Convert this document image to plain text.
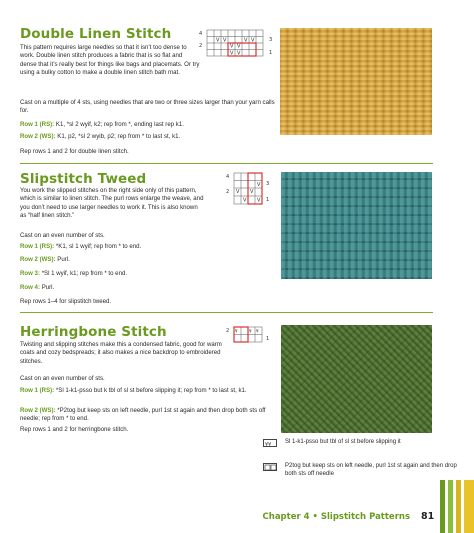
Double Linen Stitch	4
3
2
1
V V	V V
V V
V V
This pattern requires large needles so that it isn’t too dense to work. Double linen stitch produces a fabric that is so flat and dense that it’s really best for things like bags and placemats. Or try using a bulky cotton to make a double linen stitch bath mat.
Cast on a multiple of 4 sts, using needles that are two or three sizes larger than your yarn calls for.
Row 1 (RS): K1, *sl 2 wyif, k2; rep from *, ending last rep k1.
Row 2 (WS): K1, p2, *sl 2 wyib, p2; rep from * to last st, k1.
Rep rows 1 and 2 for double linen stitch.
Slipstitch Tweed	4
3
2
1
V V
V
V
V
You work the slipped stitches on the right side only of this pattern, which is similar to linen stitch. The purl rows enlarge the weave, and you don’t need to use larger needles to work it. This is also known as “half linen stitch.”
Cast on an even number of sts.
Row 1 (RS): *K1, sl 1 wyif; rep from * to end.
Row 2 (WS): Purl.
Row 3: *Sl 1 wyif, k1; rep from * to end.
Row 4: Purl.
Rep rows 1–4 for slipstitch tweed.
Herringbone Stitch	2
1
¥	¥ ¥
Twisting and slipping stitches make this a condensed fabric, good for warm coats and cozy bedspreads; it also makes a nice backdrop to embroidered stitches.
Cast on an even number of sts.
Row 1 (RS): *Sl 1-k1-psso but k tbl of sl st before slipping it; rep from * to last st, k1.
Row 2 (WS): *P2tog but keep sts on left needle, purl 1st st again and then drop both sts off needle; rep from * to end.
Rep rows 1 and 2 for herringbone stitch.
¥¥ Sl 1-k1-psso but tbl of sl st before slipping it
P2tog but keep sts on left needle, purl 1st st again and then drop both sts off needle
Chapter 4 • Slipstitch Patterns 81
